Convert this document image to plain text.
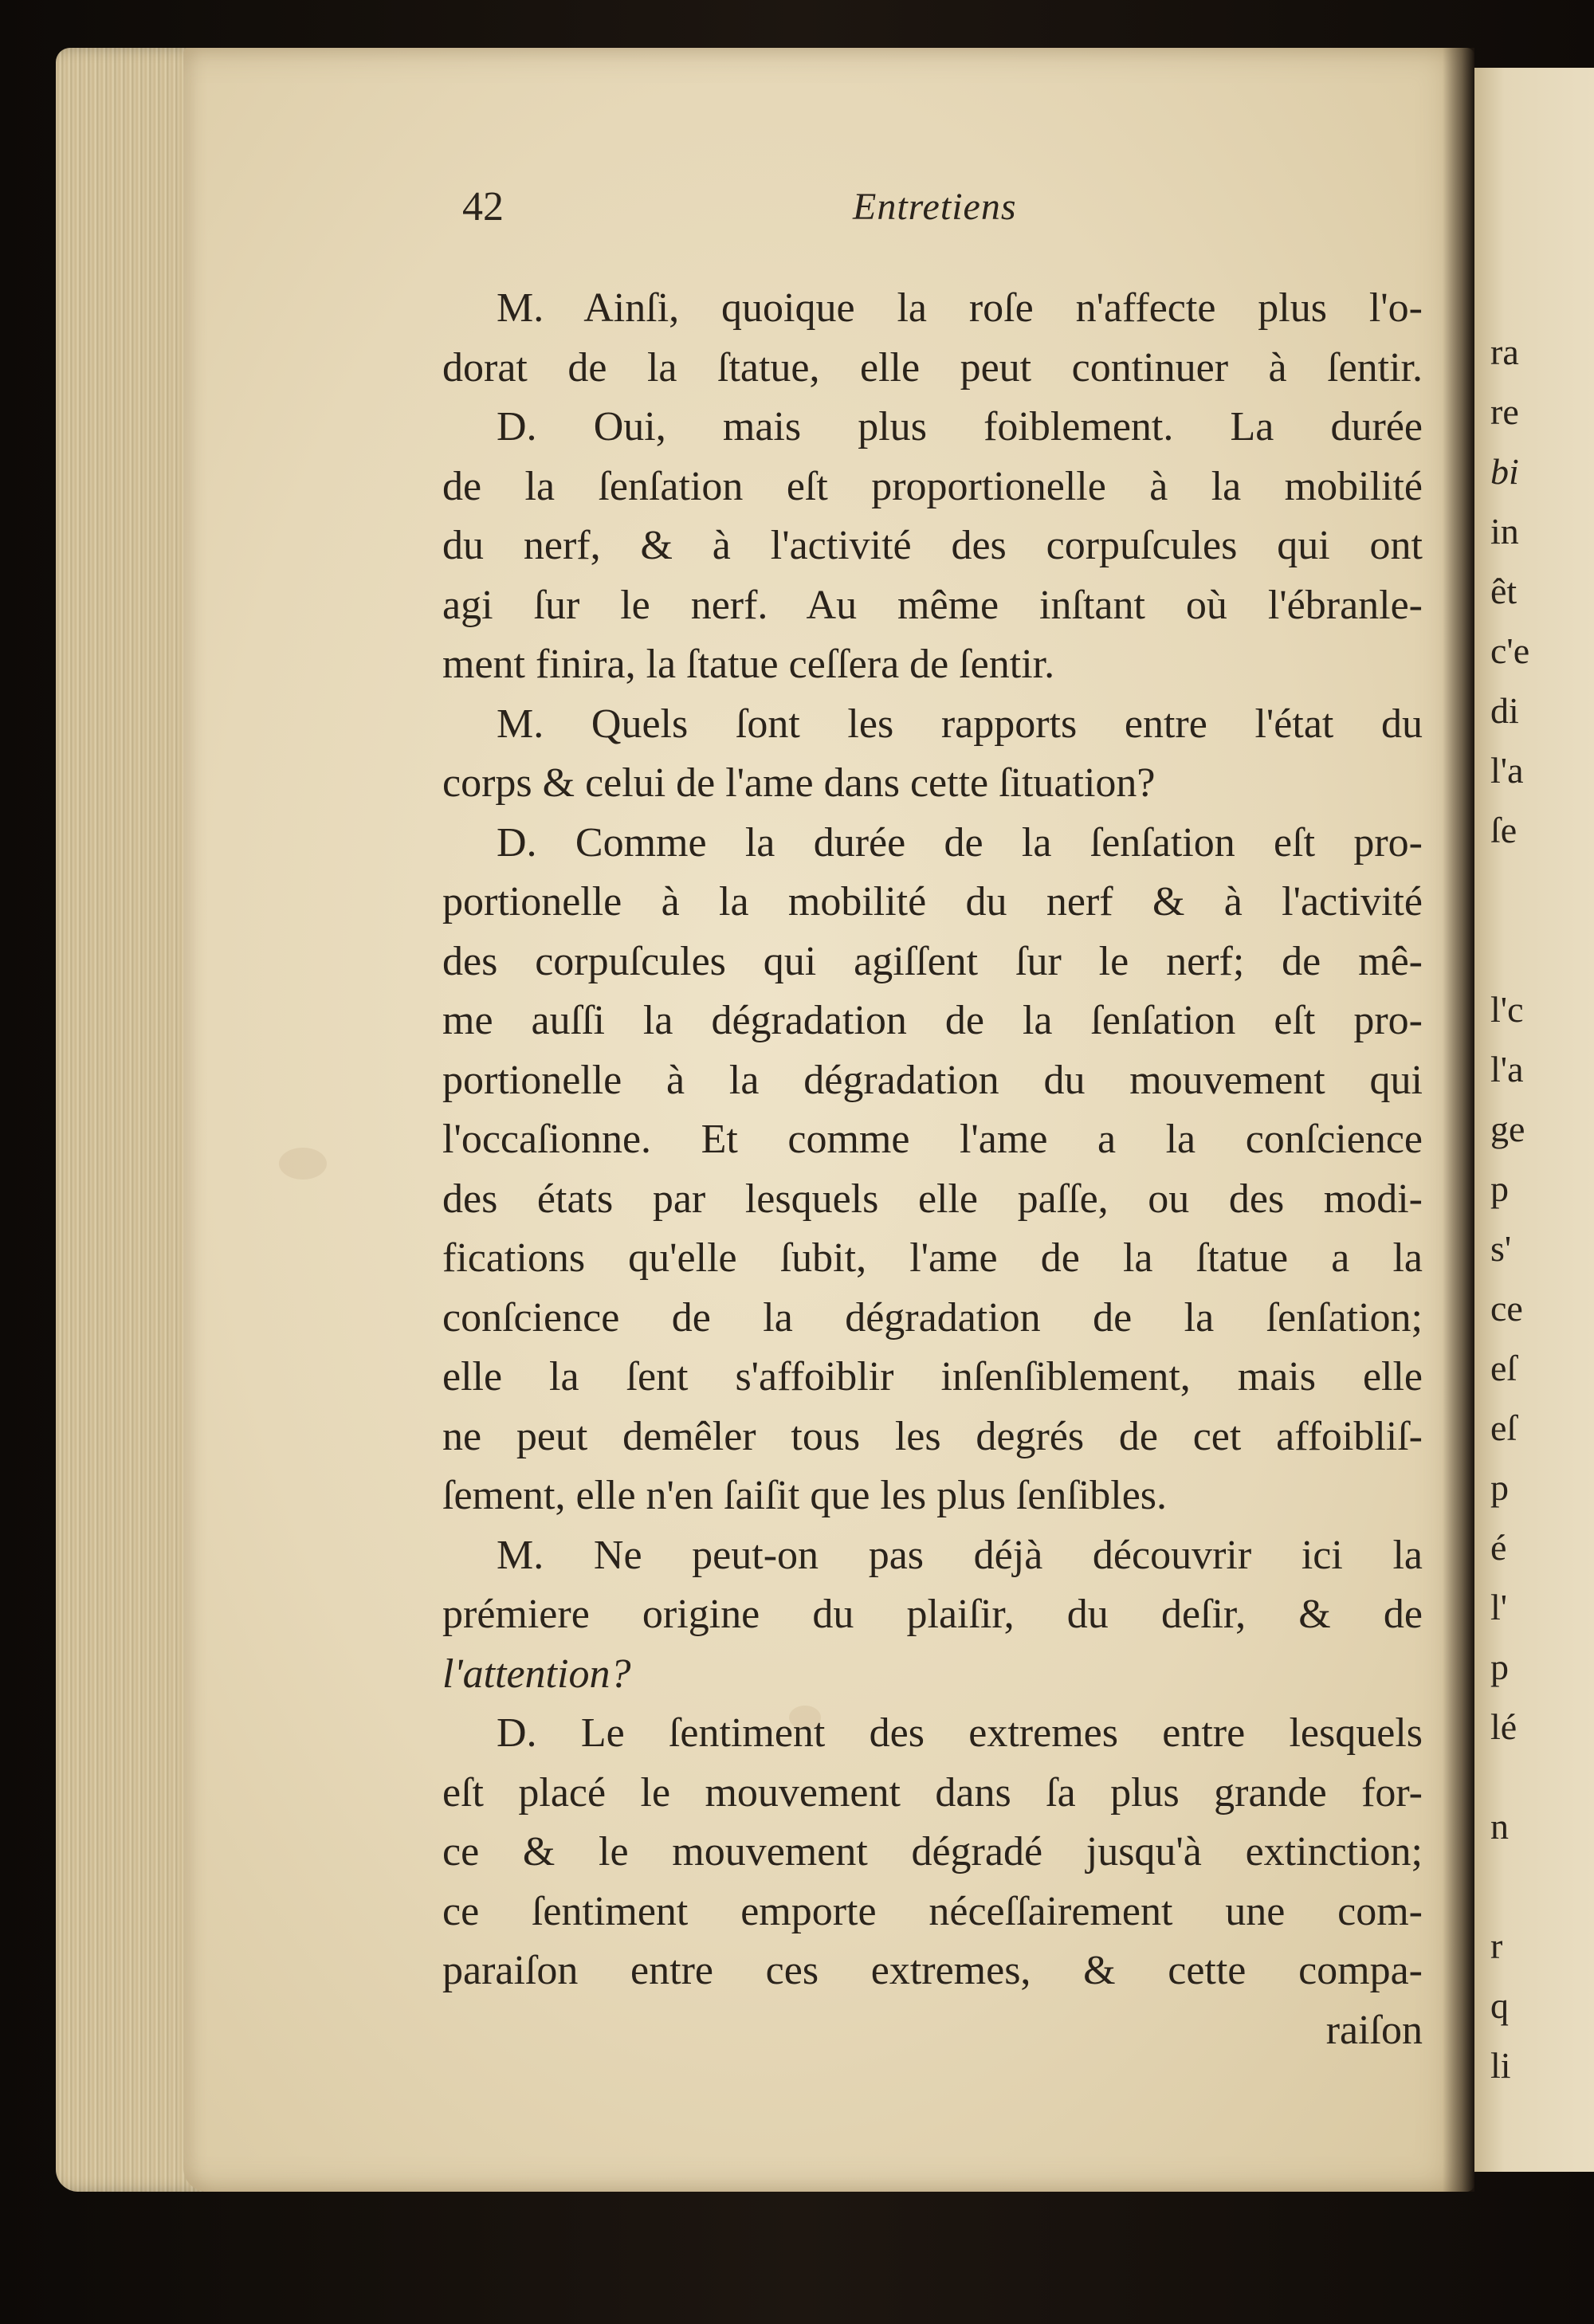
42	Entretiens
M. Ainſi, quoique la roſe n'affecte plus l'o-
dorat de la ſtatue, elle peut continuer à ſentir.
D. Oui, mais plus foiblement. La durée
de la ſenſation eſt proportionelle à la mobilité
du nerf, & à l'activité des corpuſcules qui ont
agi ſur le nerf. Au même inſtant où l'ébranle-
ment finira, la ſtatue ceſſera de ſentir.
M. Quels ſont les rapports entre l'état du
corps & celui de l'ame dans cette ſituation?
D. Comme la durée de la ſenſation eſt pro-
portionelle à la mobilité du nerf & à l'activité
des corpuſcules qui agiſſent ſur le nerf; de mê-
me auſſi la dégradation de la ſenſation eſt pro-
portionelle à la dégradation du mouvement qui
l'occaſionne. Et comme l'ame a la conſcience
des états par lesquels elle paſſe, ou des modi-
fications qu'elle ſubit, l'ame de la ſtatue a la
conſcience de la dégradation de la ſenſation;
elle la ſent s'affoiblir inſenſiblement, mais elle
ne peut demêler tous les degrés de cet affoibliſ-
ſement, elle n'en ſaiſit que les plus ſenſibles.
M. Ne peut-on pas déjà découvrir ici la
prémiere origine du plaiſir, du deſir, & de
l'attention?
D. Le ſentiment des extremes entre lesquels
eſt placé le mouvement dans ſa plus grande for-
ce & le mouvement dégradé jusqu'à extinction;
ce ſentiment emporte néceſſairement une com-
paraiſon entre ces extremes, & cette compa-
raiſon
ra
re
bi
in
êt
c'e
di
l'a
ſe
l'c
l'a
ge
p
s'
ce
eſ
eſ
p
é
l'
p
lé
n
r
q
li
